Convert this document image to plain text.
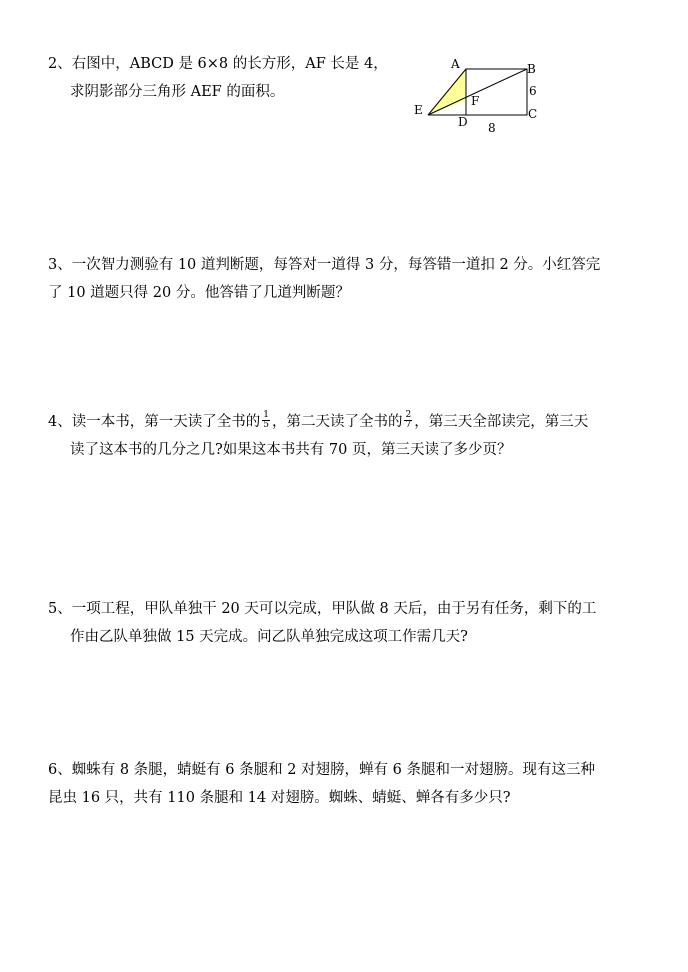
2、右图中，ABCD 是 6×8 的长方形，AF 长是 4，
求阴影部分三角形 AEF 的面积。
A	B
C
D
E
F
6
8
3、一次智力测验有 10 道判断题，每答对一道得 3 分，每答错一道扣 2 分。小红答完
了 10 道题只得 20 分。他答错了几道判断题？
4、读一本书，第一天读了全书的 $\frac{1}{5}$ ，第二天读了全书的 $\frac{2}{7}$ ，第三天全部读完，第三天
读了这本书的几分之几?如果这本书共有 70 页，第三天读了多少页？
5、一项工程，甲队单独干 20 天可以完成，甲队做 8 天后，由于另有任务，剩下的工
作由乙队单独做 15 天完成。问乙队单独完成这项工作需几天?
6、蜘蛛有 8 条腿，蜻蜓有 6 条腿和 2 对翅膀，蝉有 6 条腿和一对翅膀。现有这三种
昆虫 16 只，共有 110 条腿和 14 对翅膀。蜘蛛、蜻蜓、蝉各有多少只?
